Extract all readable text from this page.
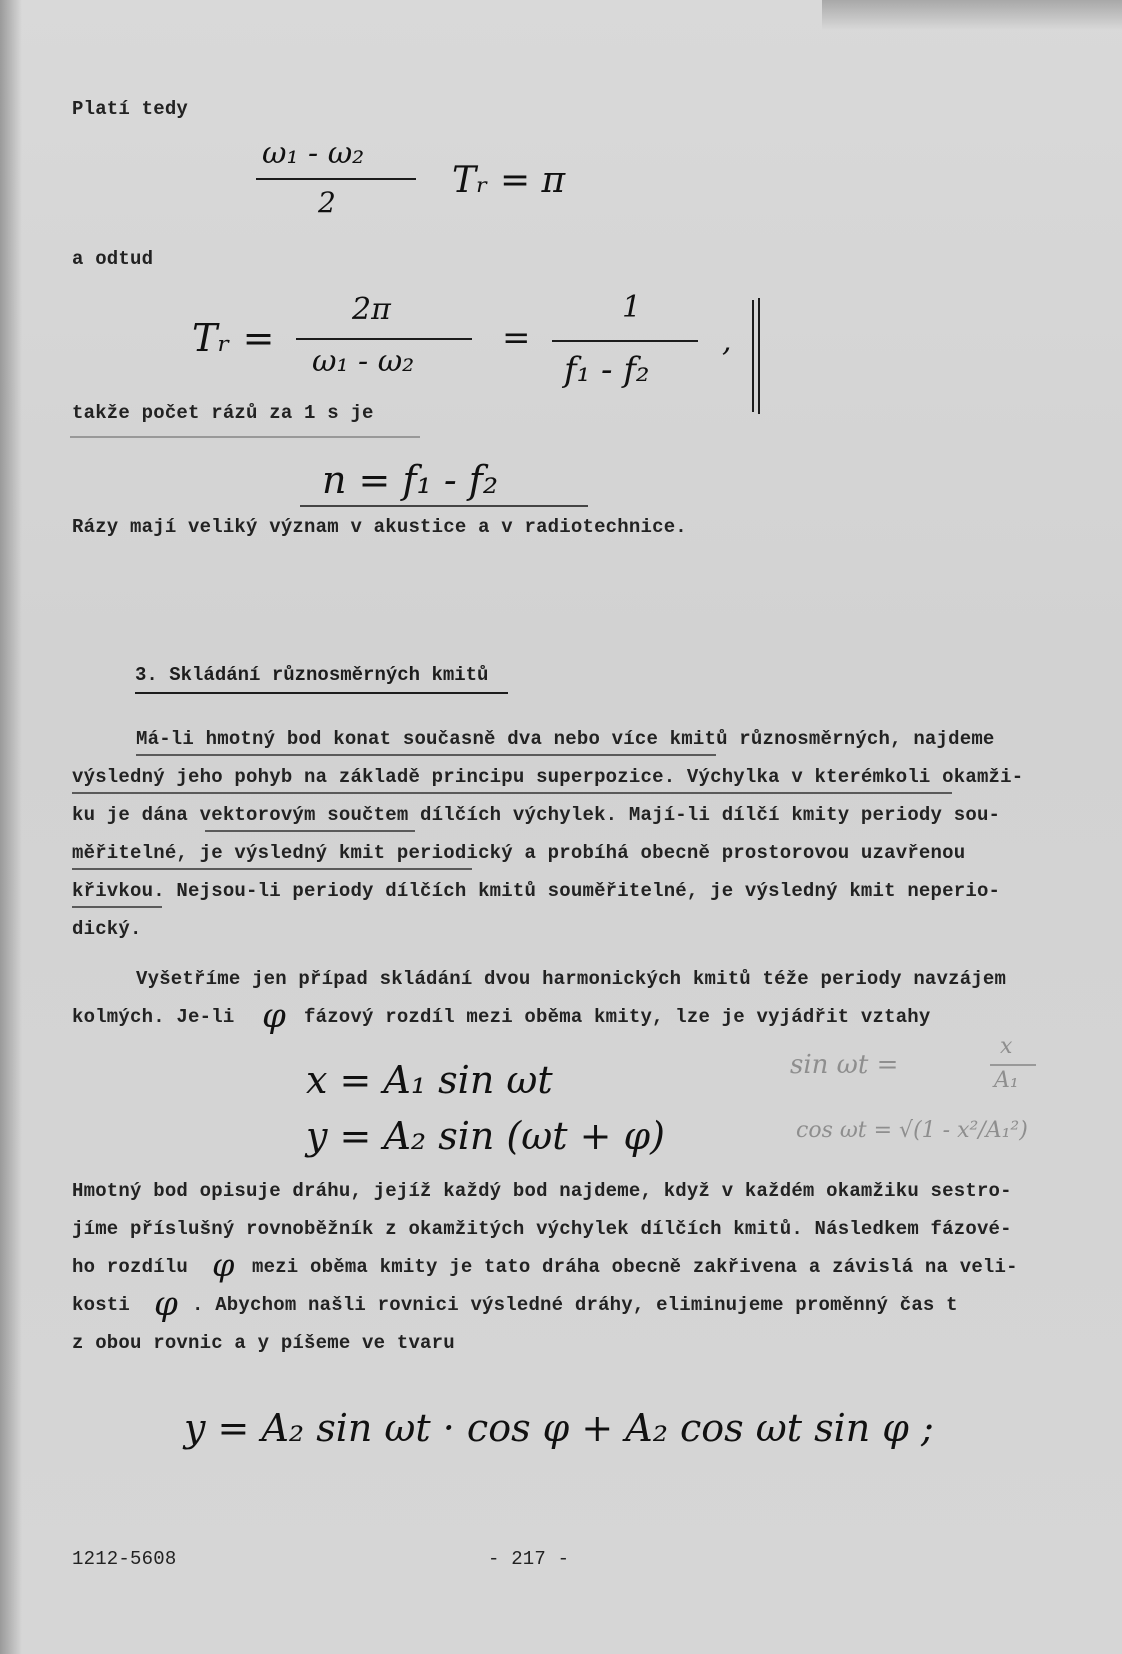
Platí tedy
ω₁ - ω₂
2
Tᵣ = π
a odtud
Tᵣ =
2π
ω₁ - ω₂
=
1
f₁ - f₂
,
takže počet rázů za 1 s je
n = f₁ - f₂
Rázy mají veliký význam v akustice a v radiotechnice.
3. Skládání různosměrných kmitů
Má-li hmotný bod konat současně dva nebo více kmitů různosměrných, najdeme
výsledný jeho pohyb na základě principu superpozice. Výchylka v kterémkoli okamži-
ku je dána vektorovým součtem dílčích výchylek. Mají-li dílčí kmity periody sou-
měřitelné, je výsledný kmit periodický a probíhá obecně prostorovou uzavřenou
křivkou. Nejsou-li periody dílčích kmitů souměřitelné, je výsledný kmit neperio-
dický.
Vyšetříme jen případ skládání dvou harmonických kmitů téže periody navzájem
kolmých. Je-li φ fázový rozdíl mezi oběma kmity, lze je vyjádřit vztahy
x = A₁ sin ωt
y = A₂ sin (ωt + φ)
sin ωt =
x
A₁
cos ωt = √(1 - x²/A₁²)
Hmotný bod opisuje dráhu, jejíž každý bod najdeme, když v každém okamžiku sestro-
jíme příslušný rovnoběžník z okamžitých výchylek dílčích kmitů. Následkem fázové-
ho rozdílu φ mezi oběma kmity je tato dráha obecně zakřivena a závislá na veli-
kosti φ . Abychom našli rovnici výsledné dráhy, eliminujeme proměnný čas t
z obou rovnic a y píšeme ve tvaru
y = A₂ sin ωt · cos φ + A₂ cos ωt sin φ ;
1212-5608	- 217 -
